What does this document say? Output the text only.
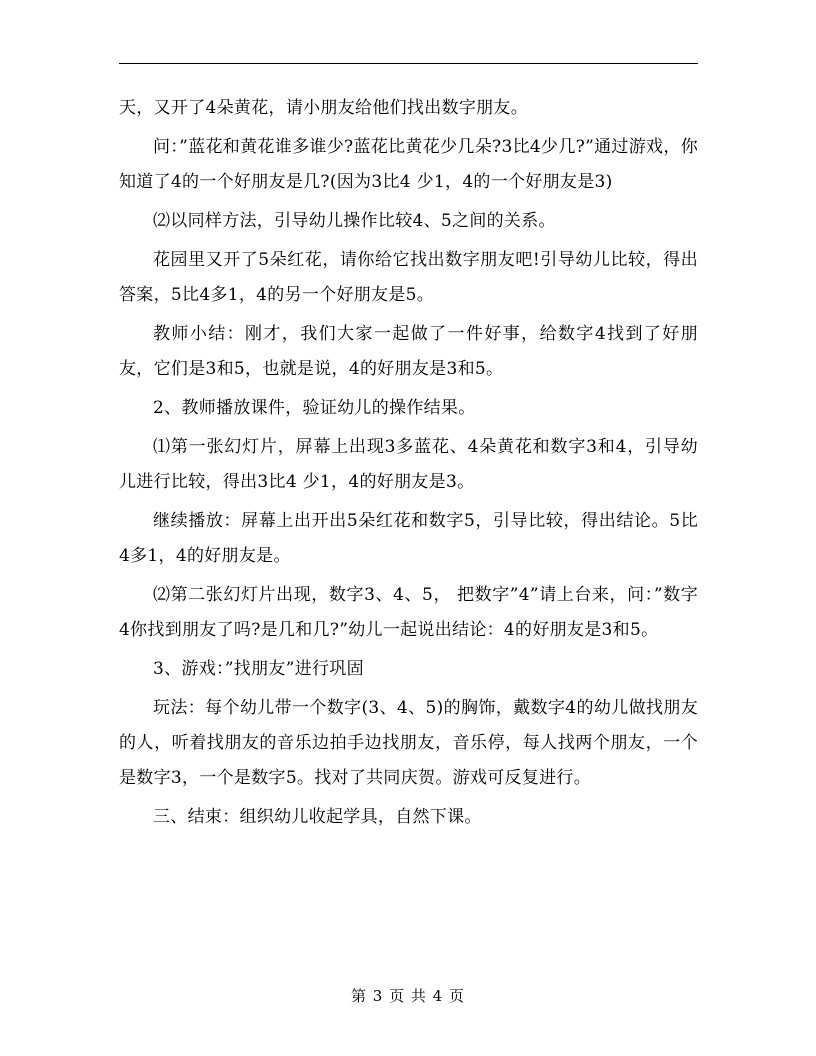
天，又开了4朵黄花，请小朋友给他们找出数字朋友。

问：”蓝花和黄花谁多谁少?蓝花比黄花少几朵?3比4少几?”通过游戏，你知道了4的一个好朋友是几?(因为3比4 少1，4的一个好朋友是3)

⑵以同样方法，引导幼儿操作比较4、5之间的关系。

花园里又开了5朵红花，请你给它找出数字朋友吧!引导幼儿比较，得出答案，5比4多1，4的另一个好朋友是5。

教师小结：刚才，我们大家一起做了一件好事，给数字4找到了好朋友，它们是3和5，也就是说，4的好朋友是3和5。

2、教师播放课件，验证幼儿的操作结果。

⑴第一张幻灯片，屏幕上出现3多蓝花、4朵黄花和数字3和4，引导幼儿进行比较，得出3比4 少1，4的好朋友是3。

继续播放：屏幕上出开出5朵红花和数字5，引导比较，得出结论。5比4多1，4的好朋友是。

⑵第二张幻灯片出现，数字3、4、5， 把数字”4”请上台来，问：”数字4你找到朋友了吗?是几和几?”幼儿一起说出结论：4的好朋友是3和5。

3、游戏：”找朋友”进行巩固

玩法：每个幼儿带一个数字(3、4、5)的胸饰，戴数字4的幼儿做找朋友的人，听着找朋友的音乐边拍手边找朋友，音乐停，每人找两个朋友，一个是数字3，一个是数字5。找对了共同庆贺。游戏可反复进行。

三、结束：组织幼儿收起学具，自然下课。

第 3 页 共 4 页
